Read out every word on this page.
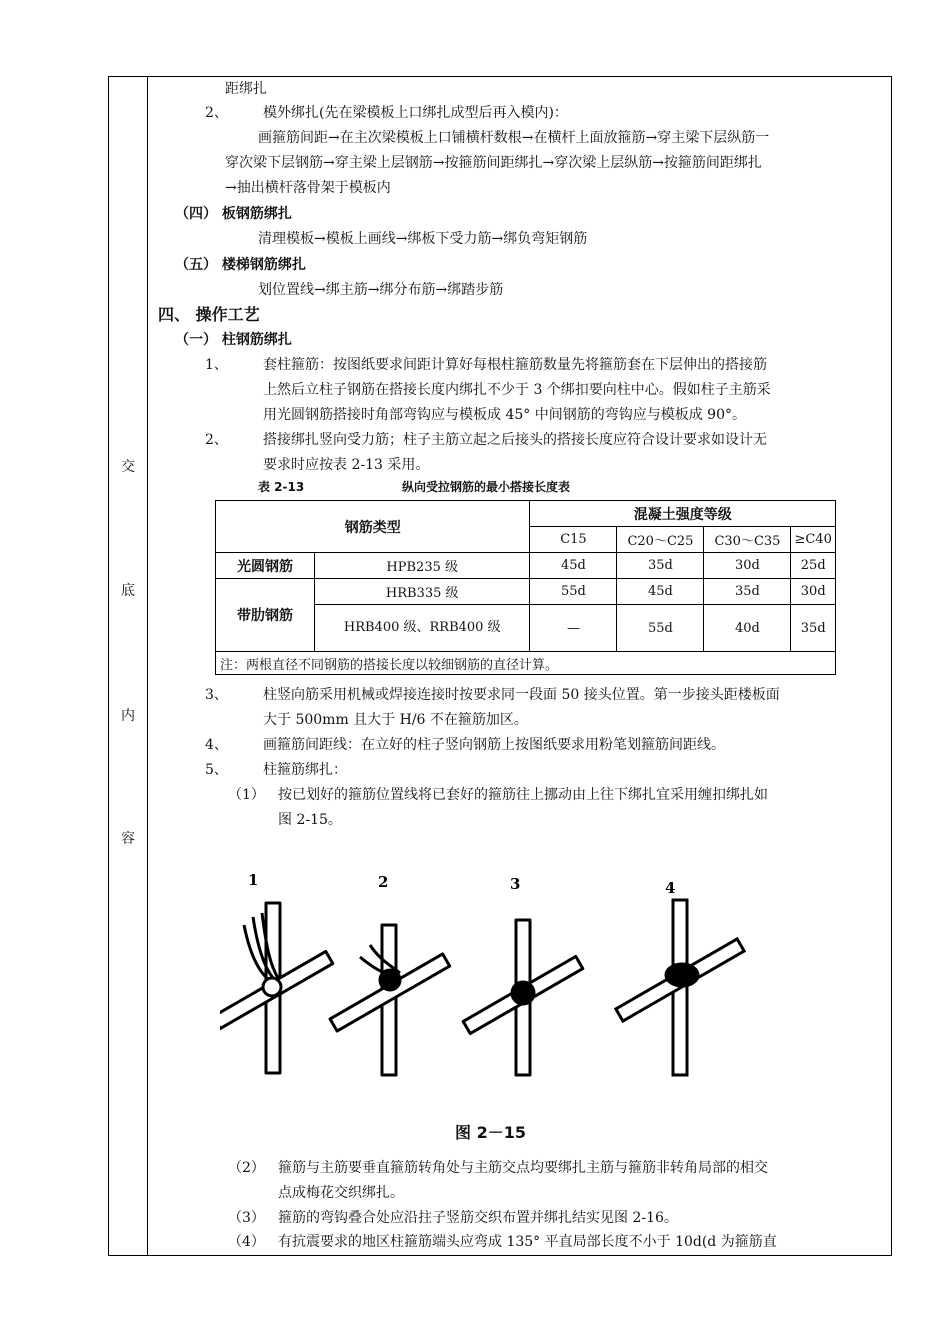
交
底
内
容
距绑扎
2、	模外绑扎(先在梁模板上口绑扎成型后再入模内)：
画箍筋间距→在主次梁模板上口铺横杆数根→在横杆上面放箍筋→穿主梁下层纵筋一
穿次梁下层钢筋→穿主梁上层钢筋→按箍筋间距绑扎→穿次梁上层纵筋→按箍筋间距绑扎
→抽出横杆落骨架于模板内
（四） 板钢筋绑扎
清理模板→模板上画线→绑板下受力筋→绑负弯矩钢筋
（五） 楼梯钢筋绑扎
划位置线→绑主筋→绑分布筋→绑踏步筋
四、 操作工艺
（一） 柱钢筋绑扎
1、	套柱箍筋：按图纸要求间距计算好每根柱箍筋数量先将箍筋套在下层伸出的搭接筋
上然后立柱子钢筋在搭接长度内绑扎不少于 3 个绑扣要向柱中心。假如柱子主筋采
用光圆钢筋搭接时角部弯钩应与模板成 45° 中间钢筋的弯钩应与模板成 90°。
2、	搭接绑扎竖向受力筋；柱子主筋立起之后接头的搭接长度应符合设计要求如设计无
要求时应按表 2-13 采用。
表 2-13	纵向受拉钢筋的最小搭接长度表
钢筋类型		混凝土强度等级			
		C15	C20～C25	C30～C35	≥C40
光圆钢筋	HPB235 级	45d	35d	30d	25d
带肋钢筋	HRB335 级	55d	45d	35d	30d
	HRB400 级、RRB400 级	—	55d	40d	35d
注：两根直径不同钢筋的搭接长度以较细钢筋的直径计算。					
3、	柱竖向筋采用机械或焊接连接时按要求同一段面 50 接头位置。第一步接头距楼板面
大于 500mm 且大于 H/6 不在箍筋加区。
4、	画箍筋间距线：在立好的柱子竖向钢筋上按图纸要求用粉笔划箍筋间距线。
5、	柱箍筋绑扎：
（1） 按已划好的箍筋位置线将已套好的箍筋往上挪动由上往下绑扎宜采用缠扣绑扎如
图 2-15。
1	2	3	4
图 2－15
（2） 箍筋与主筋要垂直箍筋转角处与主筋交点均要绑扎主筋与箍筋非转角局部的相交
点成梅花交织绑扎。
（3） 箍筋的弯钩叠合处应沿拄子竖筋交织布置并绑扎结实见图 2-16。
（4） 有抗震要求的地区柱箍筋端头应弯成 135° 平直局部长度不小于 10d(d 为箍筋直
